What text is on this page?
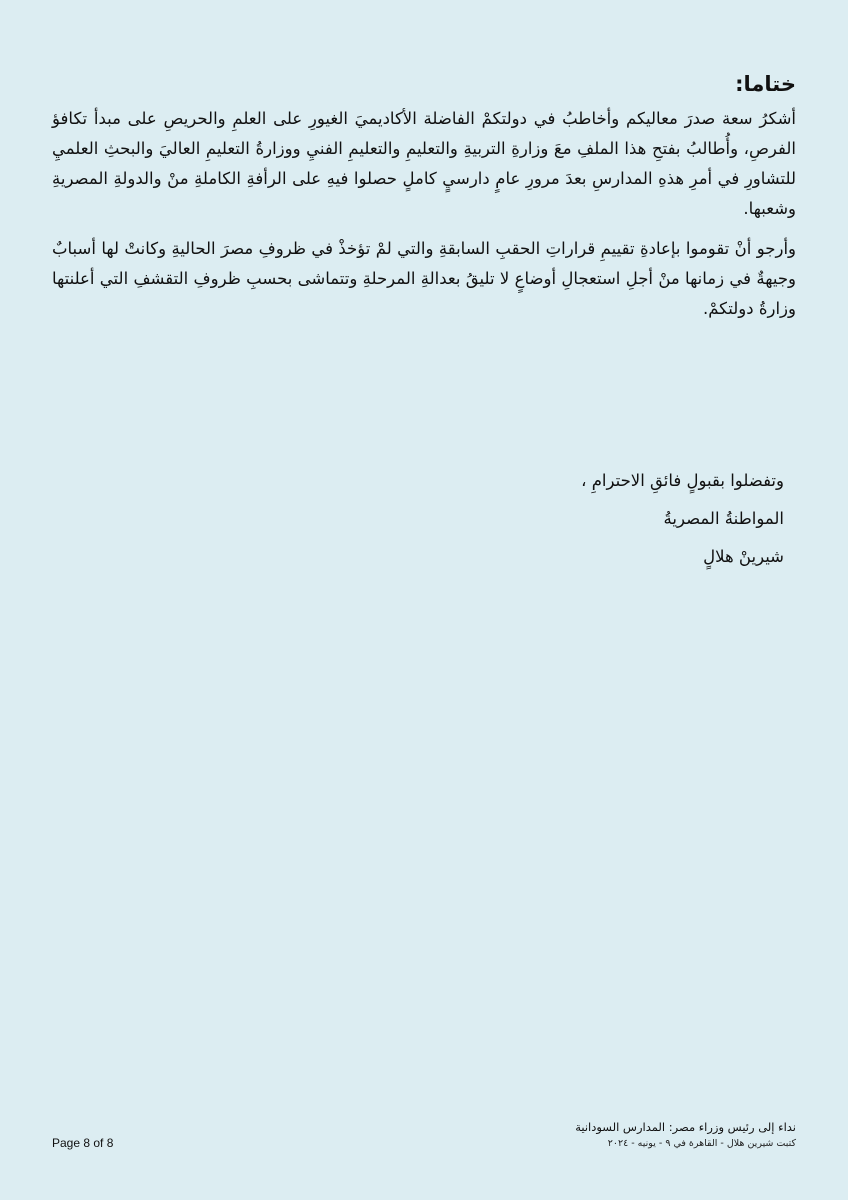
ختاما:

أشكرُ سعة صدرَ معاليكم وأخاطبُ في دولتكمْ الفاضلة الأكاديميَ الغيورِ على العلمِ والحريصِ على مبدأ تكافؤ الفرصِ، وأُطالبُ بفتحِ هذا الملفِ معَ وزارةِ التربيةِ والتعليمِ والتعليمِ الفنيِ ووزارةُ التعليمِ العاليَ والبحثِ العلميِ للتشاورِ في أمرِ هذهِ المدارسِ بعدَ مرورِ عامٍ دارسيٍ كاملٍ حصلوا فيهِ على الرأفةِ الكاملةِ منْ والدولةِ المصريةِ وشعبها.

وأرجو أنْ تقوموا بإعادةِ تقييمِ قراراتِ الحقبِ السابقةِ والتي لمْ تؤخذْ في ظروفِ مصرَ الحاليةِ وكانتْ لها أسبابٌ وجيهةٌ في زمانها منْ أجلِ استعجالِ أوضاعٍ لا تليقُ بعدالةِ المرحلةِ وتتماشى بحسبِ ظروفِ التقشفِ التي أعلنتها وزارةُ دولتكمْ.

وتفضلوا بقبولٍ فائقِ الاحترامِ ،

المواطنةُ المصريةُ

شيرينْ هلالٍ

Page 8 of 8

نداء إلى رئيس وزراء مصر: المدارس السودانية

كتبت شيرين هلال - القاهرة في ٩ - يونيه - ٢٠٢٤
